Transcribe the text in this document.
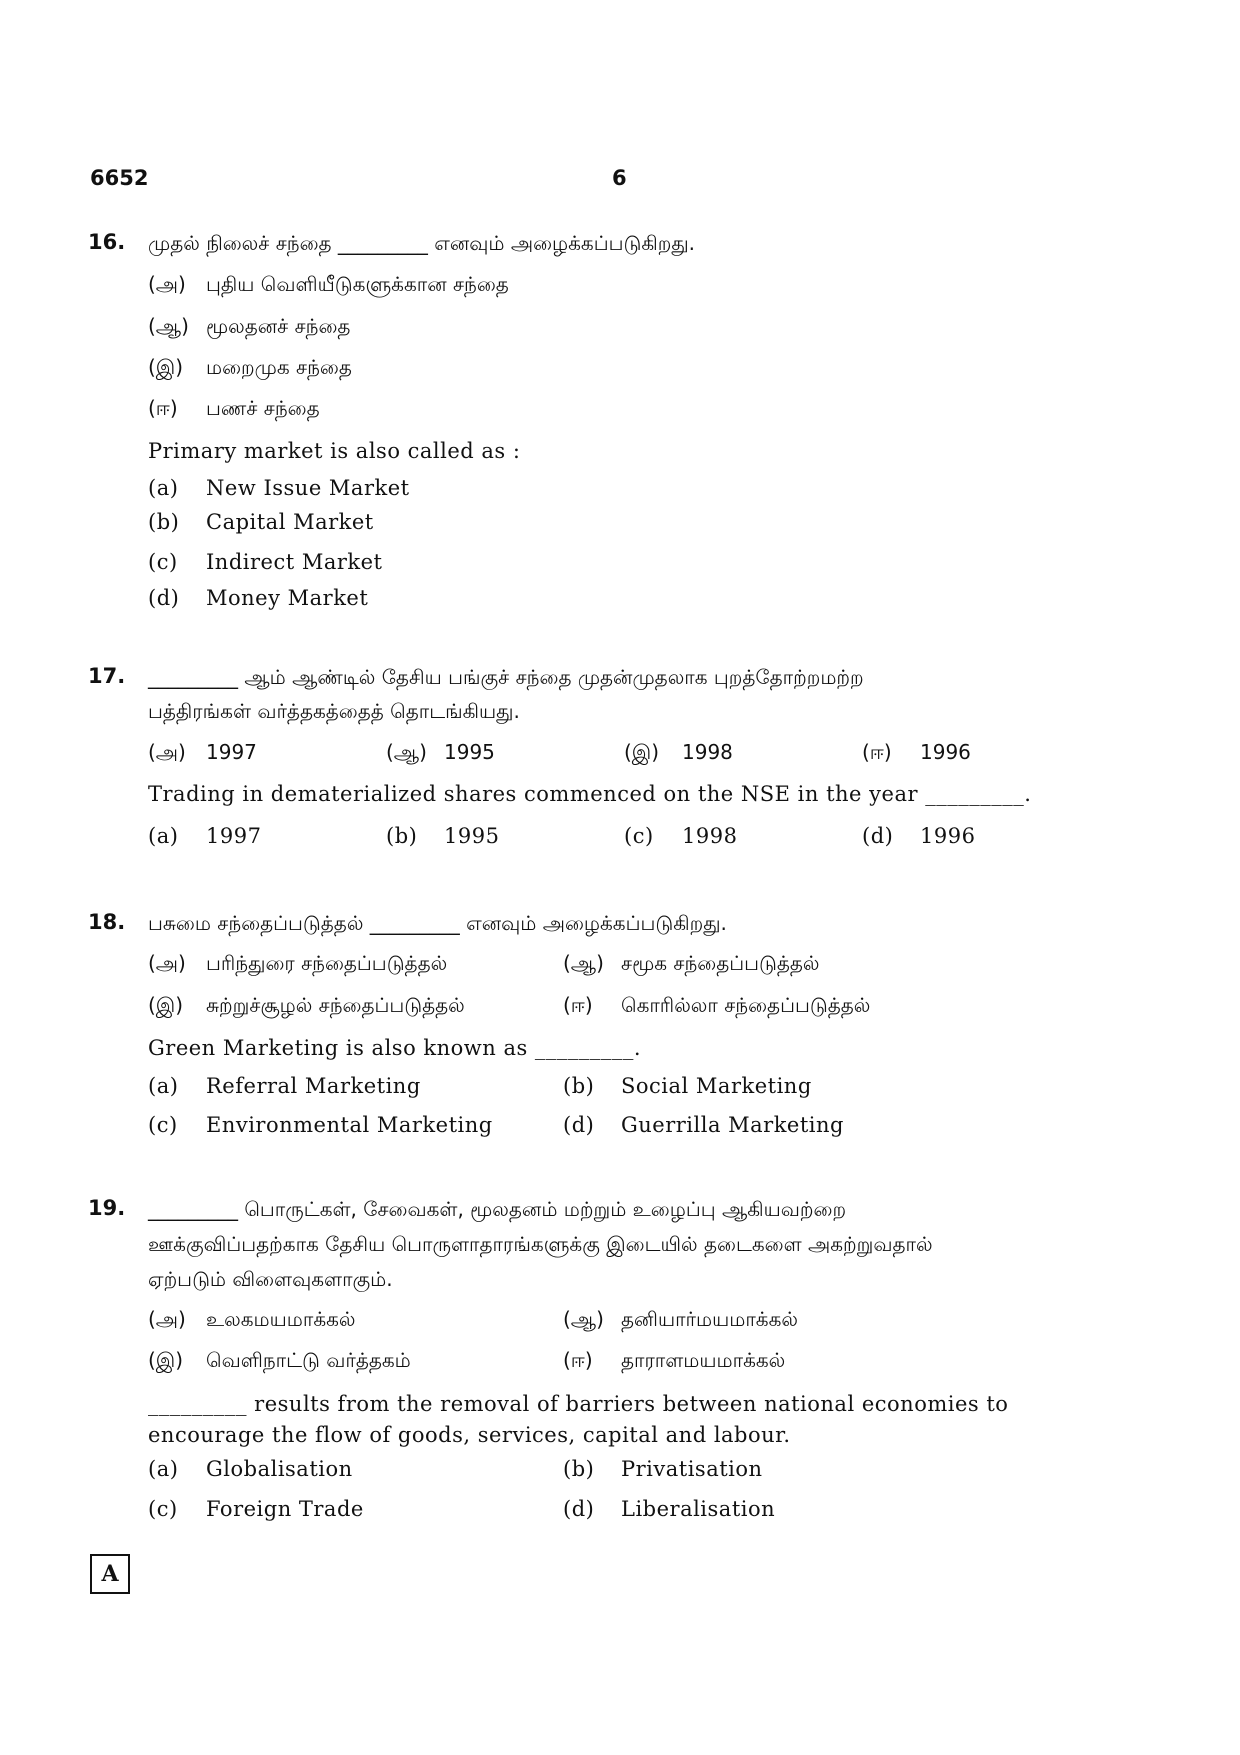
6652	6
16. முதல் நிலைச் சந்தை _________ எனவும் அழைக்கப்படுகிறது.
(அ) புதிய வெளியீடுகளுக்கான சந்தை
(ஆ) மூலதனச் சந்தை
(இ) மறைமுக சந்தை
(ஈ) பணச் சந்தை
Primary market is also called as :
(a) New Issue Market
(b) Capital Market
(c) Indirect Market
(d) Money Market
17. _________ ஆம் ஆண்டில் தேசிய பங்குச் சந்தை முதன்முதலாக புறத்தோற்றமற்ற
பத்திரங்கள் வர்த்தகத்தைத் தொடங்கியது.
(அ) 1997	(ஆ) 1995	(இ) 1998	(ஈ) 1996
Trading in dematerialized shares commenced on the NSE in the year _________.
(a) 1997	(b) 1995	(c) 1998	(d) 1996
18. பசுமை சந்தைப்படுத்தல் _________ எனவும் அழைக்கப்படுகிறது.
(அ) பரிந்துரை சந்தைப்படுத்தல்	(ஆ) சமூக சந்தைப்படுத்தல்
(இ) சுற்றுச்சூழல் சந்தைப்படுத்தல்	(ஈ) கொரில்லா சந்தைப்படுத்தல்
Green Marketing is also known as _________.
(a) Referral Marketing	(b) Social Marketing
(c) Environmental Marketing	(d) Guerrilla Marketing
19. _________ பொருட்கள், சேவைகள், மூலதனம் மற்றும் உழைப்பு ஆகியவற்றை
ஊக்குவிப்பதற்காக தேசிய பொருளாதாரங்களுக்கு இடையில் தடைகளை அகற்றுவதால்
ஏற்படும் விளைவுகளாகும்.
(அ) உலகமயமாக்கல்	(ஆ) தனியார்மயமாக்கல்
(இ) வெளிநாட்டு வர்த்தகம்	(ஈ) தாராளமயமாக்கல்
_________ results from the removal of barriers between national economies to
encourage the flow of goods, services, capital and labour.
(a) Globalisation	(b) Privatisation
(c) Foreign Trade	(d) Liberalisation
A
